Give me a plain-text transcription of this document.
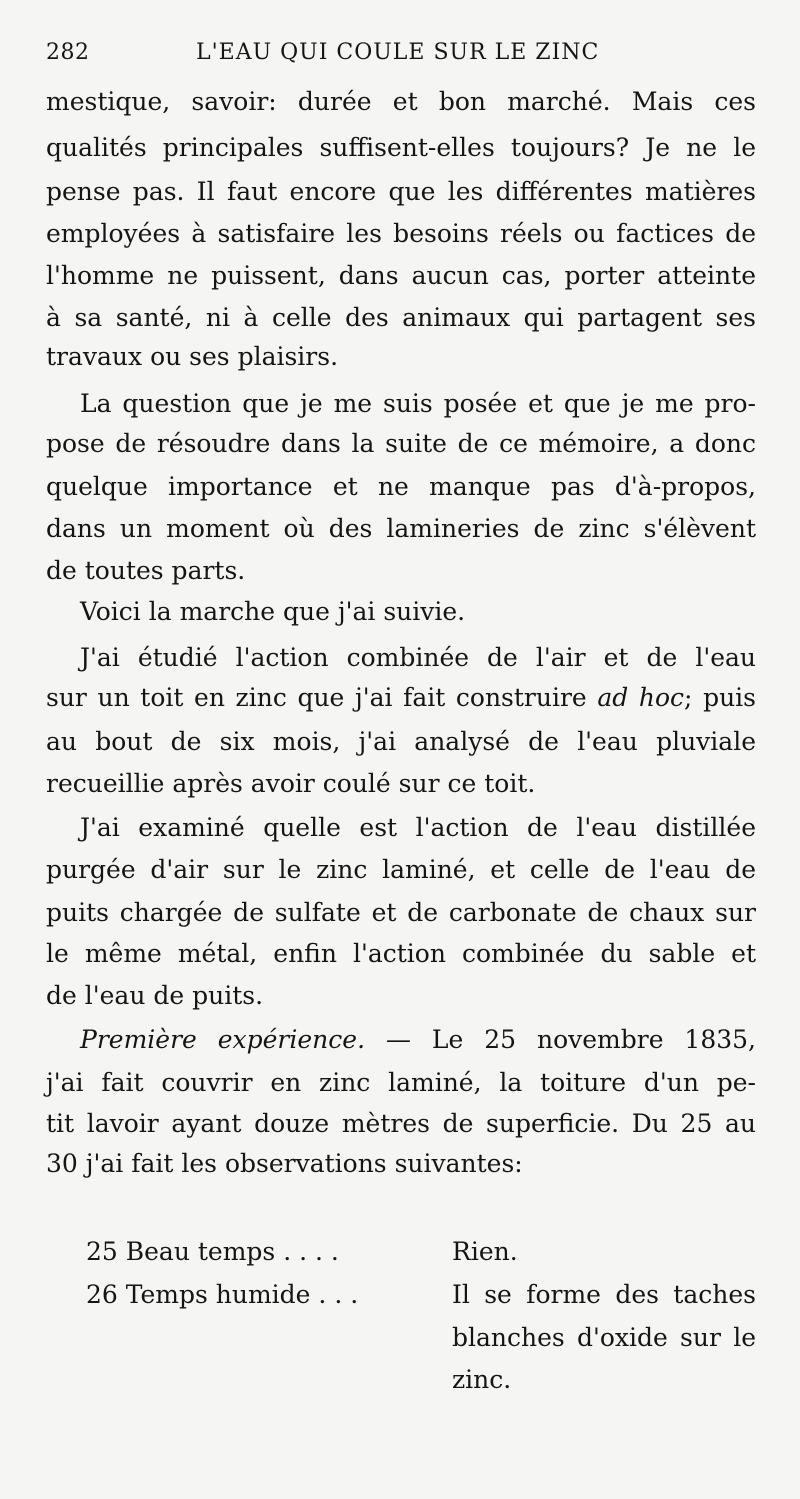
282	L'EAU QUI COULE SUR LE ZINC
mestique, savoir: durée et bon marché. Mais ces
qualités principales suffisent-elles toujours? Je ne le
pense pas. Il faut encore que les différentes matières
employées à satisfaire les besoins réels ou factices de
l'homme ne puissent, dans aucun cas, porter atteinte
à sa santé, ni à celle des animaux qui partagent ses
travaux ou ses plaisirs.
La question que je me suis posée et que je me pro-
pose de résoudre dans la suite de ce mémoire, a donc
quelque importance et ne manque pas d'à-propos,
dans un moment où des lamineries de zinc s'élèvent
de toutes parts.
Voici la marche que j'ai suivie.
J'ai étudié l'action combinée de l'air et de l'eau
sur un toit en zinc que j'ai fait construire ad hoc; puis
au bout de six mois, j'ai analysé de l'eau pluviale
recueillie après avoir coulé sur ce toit.
J'ai examiné quelle est l'action de l'eau distillée
purgée d'air sur le zinc laminé, et celle de l'eau de
puits chargée de sulfate et de carbonate de chaux sur
le même métal, enfin l'action combinée du sable et
de l'eau de puits.
Première expérience. — Le 25 novembre 1835,
j'ai fait couvrir en zinc laminé, la toiture d'un pe-
tit lavoir ayant douze mètres de superficie. Du 25 au
30 j'ai fait les observations suivantes:
25 Beau temps . . . .	Rien.
26 Temps humide . . .	Il se forme des taches
blanches d'oxide sur le
zinc.
